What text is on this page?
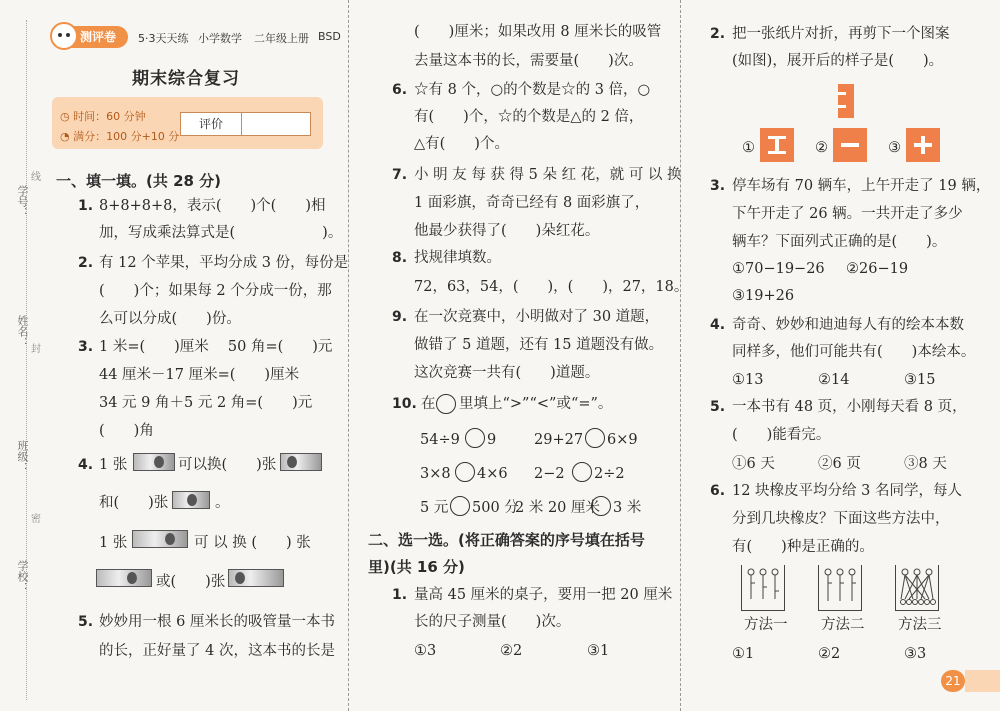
学号：
姓名：
班级：
学校：
线
封
密
测评卷	5·3天天练 小学数学 二年级上册 BSD
期末综合复习
◷ 时间：60 分钟
◔ 满分：100 分+10 分
评价
一、填一填。(共 28 分)
1. 8+8+8+8，表示(　　)个(　　)相
加，写成乘法算式是(　　　　　　)。
2. 有 12 个苹果，平均分成 3 份，每份是
(　　)个；如果每 2 个分成一份，那
么可以分成(　　)份。
3. 1 米=(　　)厘米　 50 角=(　　)元
44 厘米－17 厘米=(　　)厘米
34 元 9 角＋5 元 2 角=(　　)元
(　　)角
4. 1 张	可以换(　　)张
和(　　)张	。
1 张	可 以 换 (　　) 张
或(　　)张
5. 妙妙用一根 6 厘米长的吸管量一本书
的长，正好量了 4 次，这本书的长是
(　　)厘米；如果改用 8 厘米长的吸管
去量这本书的长，需要量(　　)次。
6. ☆有 8 个，○的个数是☆的 3 倍，○
有(　　)个，☆的个数是△的 2 倍，
△有(　　)个。
7. 小 明 友 每 获 得 5 朵 红 花，就 可 以 换
1 面彩旗，奇奇已经有 8 面彩旗了，
他最少获得了(　　)朵红花。
8. 找规律填数。
72，63，54，(　　)，(　　)，27，18。
9. 在一次竞赛中，小明做对了 30 道题，
做错了 5 道题，还有 15 道题没有做。
这次竞赛一共有(　　)道题。
10. 在 里填上“>”“<”或“=”。
54÷9 9	29+27 6×9
3×8 4×6 2−2 2÷2
5 元 500 分
2 米 20 厘米 3 米
二、选一选。(将正确答案的序号填在括号
里)(共 16 分)
1. 量高 45 厘米的桌子，要用一把 20 厘米
长的尺子测量(　　)次。
①3	②2	③1
2. 把一张纸片对折，再剪下一个图案
(如图)，展开后的样子是(　　)。
①	②	③
3. 停车场有 70 辆车，上午开走了 19 辆，
下午开走了 26 辆。一共开走了多少
辆车？下面列式正确的是(　　)。
①70−19−26 ②26−19
③19+26
4. 奇奇、妙妙和迪迪每人有的绘本本数
同样多，他们可能共有(　　)本绘本。
①13	②14	③15
5. 一本书有 48 页，小刚每天看 8 页，
(　　)能看完。
①6 天	②6 页	③8 天
6. 12 块橡皮平均分给 3 名同学，每人
分到几块橡皮？下面这些方法中，
有(　　)种是正确的。
方法一 方法二 方法三
①1	②2	③3
21
